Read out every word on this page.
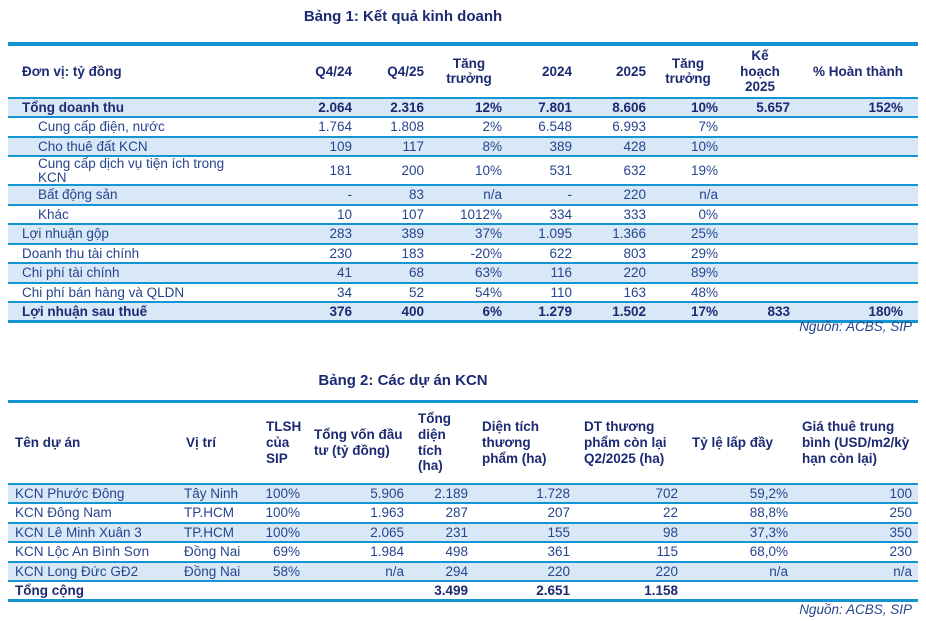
Bảng 1: Kết quả kinh doanh
Đơn vị: tỷ đồng	Q4/24	Q4/25	Tăng trưởng	2024	2025	Tăng trưởng	Kế hoạch 2025	% Hoàn thành
Tổng doanh thu	2.064	2.316	12%	7.801	8.606	10%	5.657	152%
Cung cấp điện, nước	1.764	1.808	2%	6.548	6.993	7%		
Cho thuê đất KCN	109	117	8%	389	428	10%		
Cung cấp dịch vụ tiện ích trong KCN	181	200	10%	531	632	19%		
Bất động sản	-	83	n/a	-	220	n/a		
Khác	10	107	1012%	334	333	0%		
Lợi nhuận gộp	283	389	37%	1.095	1.366	25%		
Doanh thu tài chính	230	183	-20%	622	803	29%		
Chi phí tài chính	41	68	63%	116	220	89%		
Chi phí bán hàng và QLDN	34	52	54%	110	163	48%		
Lợi nhuận sau thuế	376	400	6%	1.279	1.502	17%	833	180%
Nguồn: ACBS, SIP
Bảng 2: Các dự án KCN
Tên dự án	Vị trí	TLSH của SIP	Tổng vốn đầu tư (tỷ đồng)	Tổng diện tích (ha)	Diện tích thương phẩm (ha)	DT thương phẩm còn lại Q2/2025 (ha)	Tỷ lệ lấp đầy	Giá thuê trung bình (USD/m2/kỳ hạn còn lại)
KCN Phước Đông	Tây Ninh	100%	5.906	2.189	1.728	702	59,2%	100
KCN Đông Nam	TP.HCM	100%	1.963	287	207	22	88,8%	250
KCN Lê Minh Xuân 3	TP.HCM	100%	2.065	231	155	98	37,3%	350
KCN Lộc An Bình Sơn	Đồng Nai	69%	1.984	498	361	115	68,0%	230
KCN Long Đức GĐ2	Đồng Nai	58%	n/a	294	220	220	n/a	n/a
Tổng cộng				3.499	2.651	1.158		
Nguồn: ACBS, SIP
